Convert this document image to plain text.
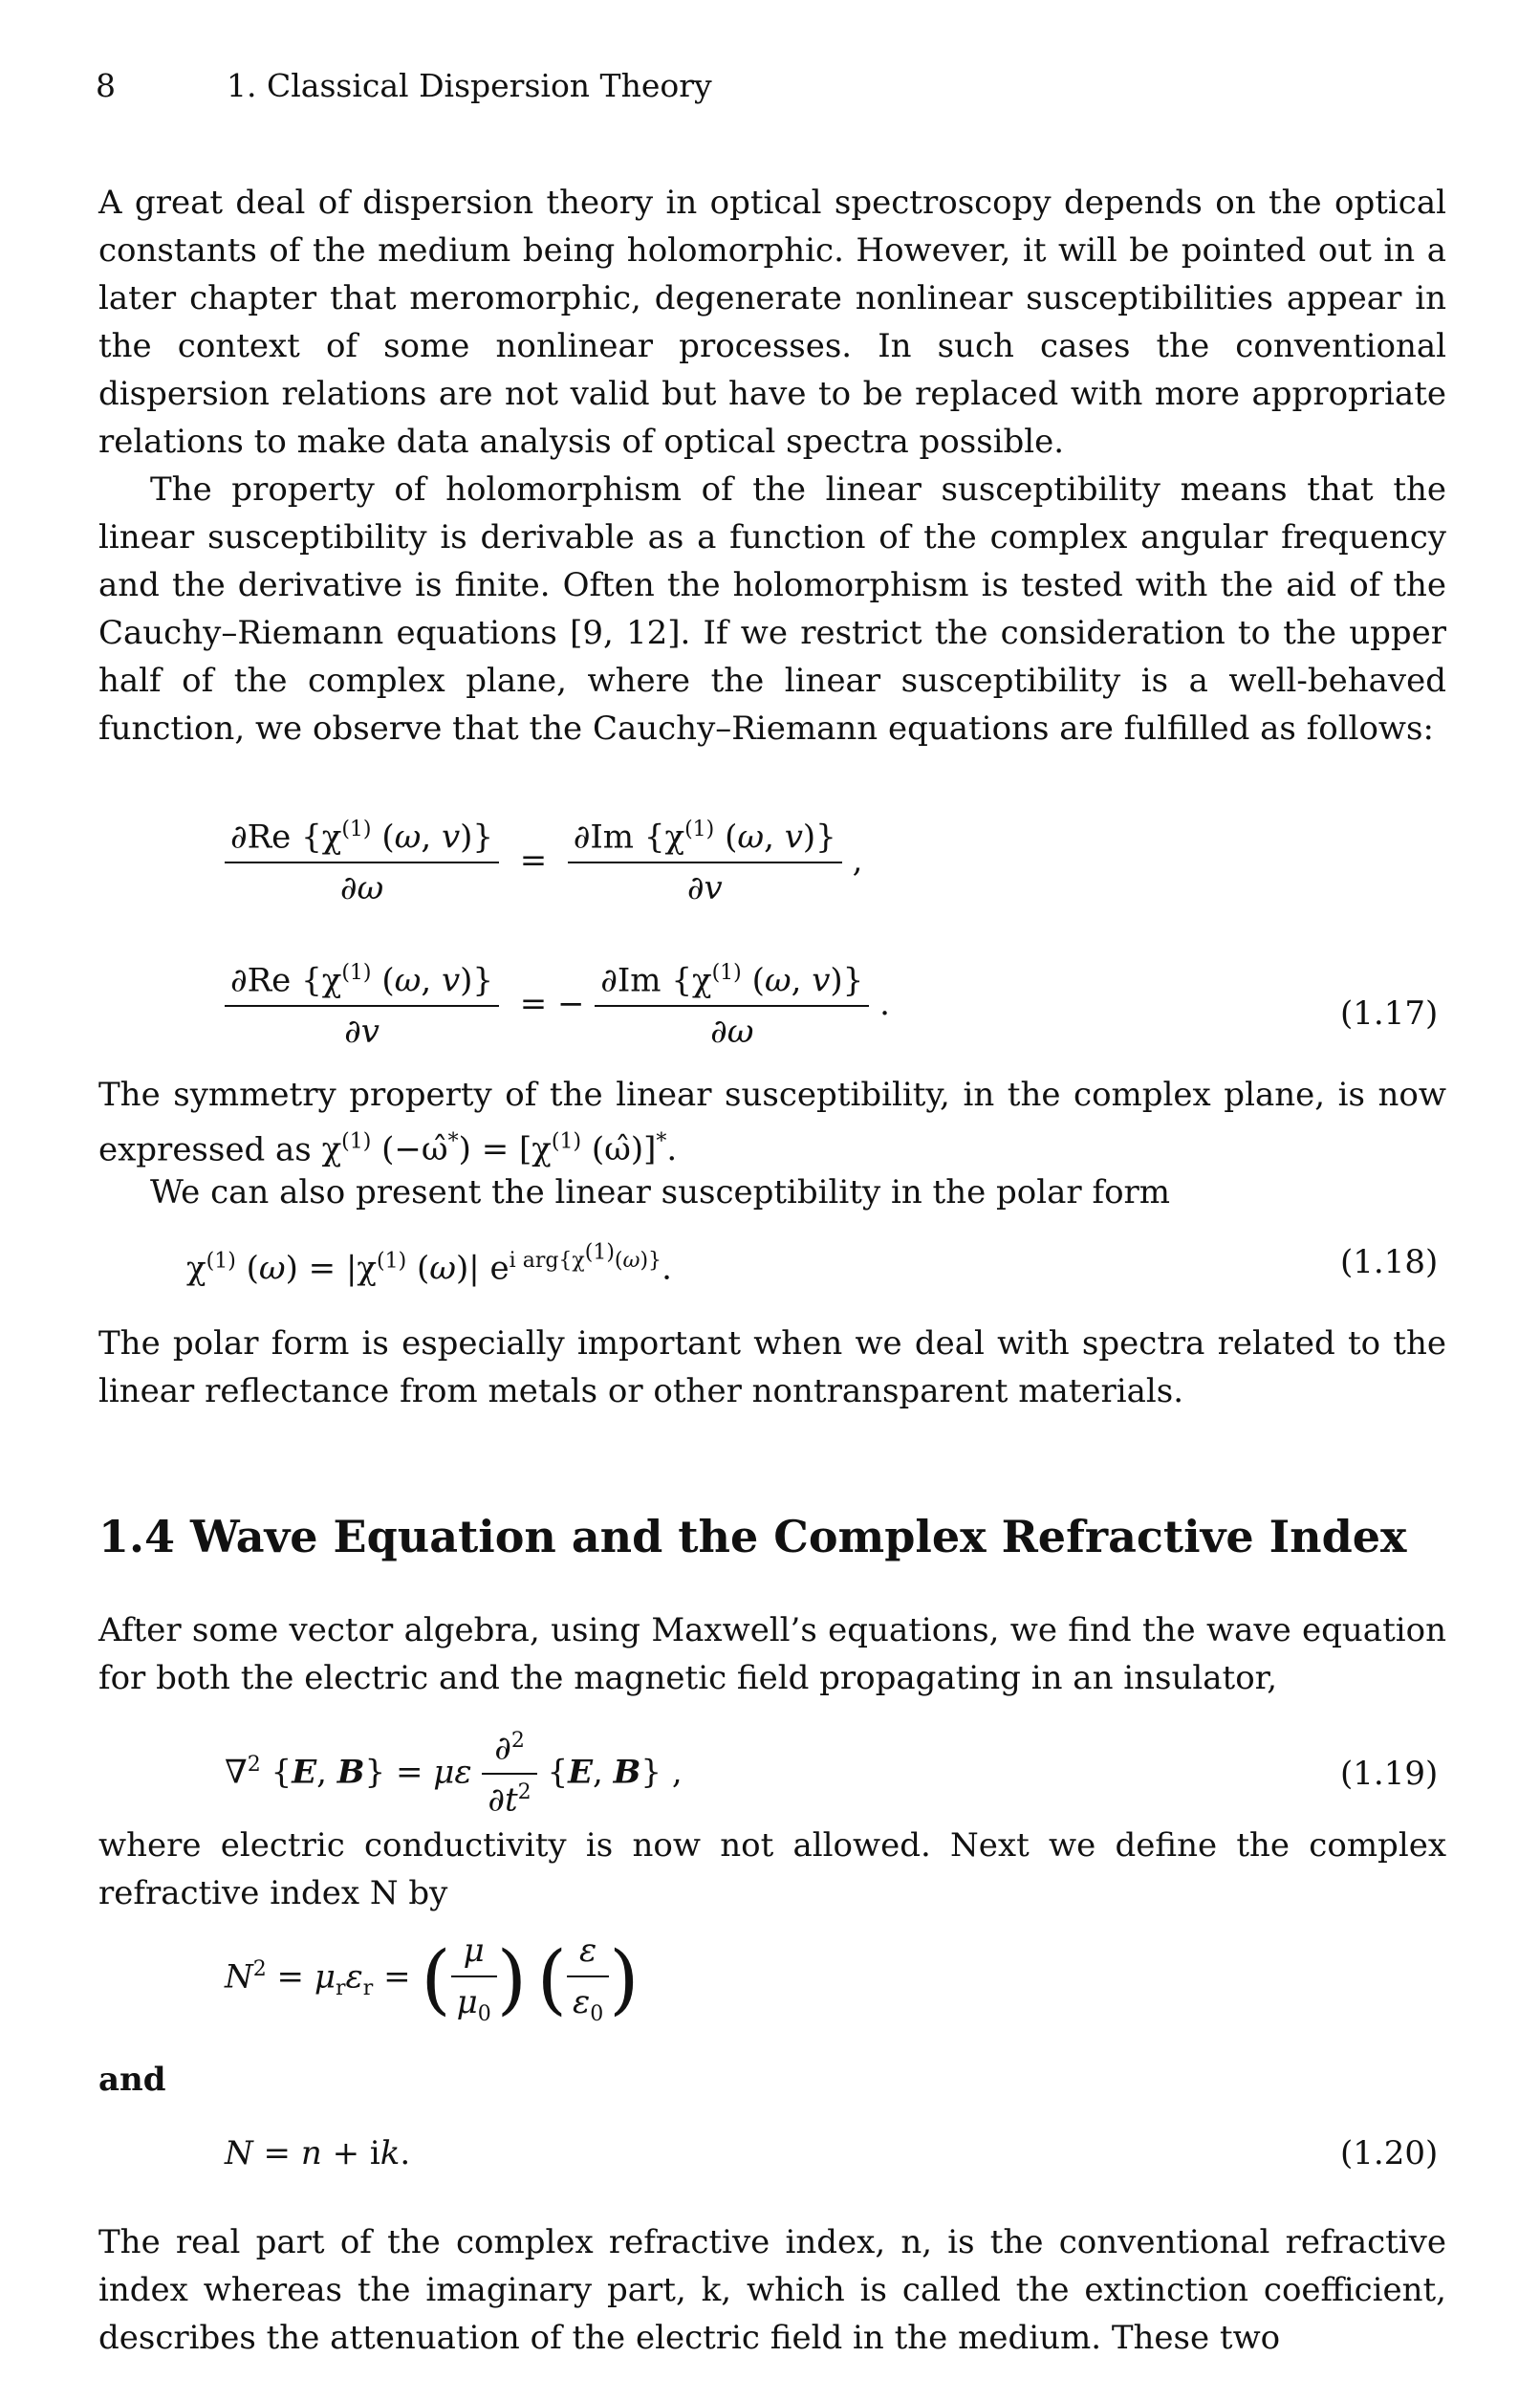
8	1. Classical Dispersion Theory

A great deal of dispersion theory in optical spectroscopy depends on the optical constants of the medium being holomorphic. However, it will be pointed out in a later chapter that meromorphic, degenerate nonlinear susceptibilities appear in the context of some nonlinear processes. In such cases the conventional dispersion relations are not valid but have to be replaced with more appropriate relations to make data analysis of optical spectra possible.

The property of holomorphism of the linear susceptibility means that the linear susceptibility is derivable as a function of the complex angular frequency and the derivative is finite. Often the holomorphism is tested with the aid of the Cauchy–Riemann equations [9, 12]. If we restrict the consideration to the upper half of the complex plane, where the linear susceptibility is a well-behaved function, we observe that the Cauchy–Riemann equations are fulfilled as follows:

$\frac{\partial Re \{\chi^{(1)} (\omega, v)\}}{\partial\omega} = \frac{\partial Im \{\chi^{(1)} (\omega, v)\}}{\partial v}$ ,
$\frac{\partial Re \{\chi^{(1)} (\omega, v)\}}{\partial v}$ = − $\frac{\partial Im \{\chi^{(1)} (\omega, v)\}}{\partial\omega}$ .	(1.17)

The symmetry property of the linear susceptibility, in the complex plane, is now expressed as $\chi^{(1)}$ (−ω̂*) = [$\chi^{(1)}$ (ω̂)]*.

We can also present the linear susceptibility in the polar form

$\chi^{(1)}$ $(\omega) = |\chi^{(1)}$ (ω)| $e^{i arg\{\chi^{(1)}(\omega)\}}$.	(1.18)

The polar form is especially important when we deal with spectra related to the linear reflectance from metals or other nontransparent materials.

1.4 Wave Equation and the Complex Refractive Index

After some vector algebra, using Maxwell’s equations, we find the wave equation for both the electric and the magnetic field propagating in an insulator,

∇$^2$ {E, B} = με $\frac{\partial^2}{\partial t^2} \{E$, B} ,	(1.19)

where electric conductivity is now not allowed. Next we define the complex refractive index N by

$N^2 = \mu_r\varepsilon_r$ = ( $\frac{\mu}{\mu_0}$ ) ( $\frac{\varepsilon}{\varepsilon_0}$ )
and
N = n + ik.	(1.20)

The real part of the complex refractive index, n, is the conventional refractive index whereas the imaginary part, k, which is called the extinction coefficient, describes the attenuation of the electric field in the medium. These two
